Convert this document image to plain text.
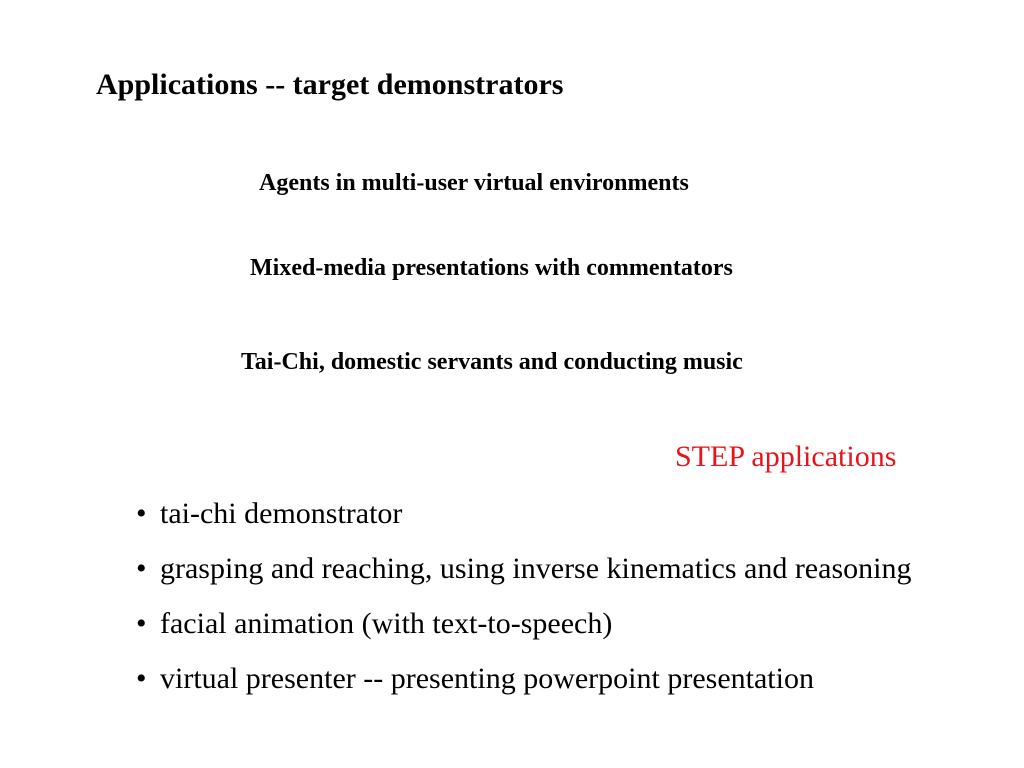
Applications -- target demonstrators
Agents in multi-user virtual environments
Mixed-media presentations with commentators
Tai-Chi, domestic servants and conducting music
STEP applications
• tai-chi demonstrator
• grasping and reaching, using inverse kinematics and reasoning
• facial animation (with text-to-speech)
• virtual presenter -- presenting powerpoint presentation
